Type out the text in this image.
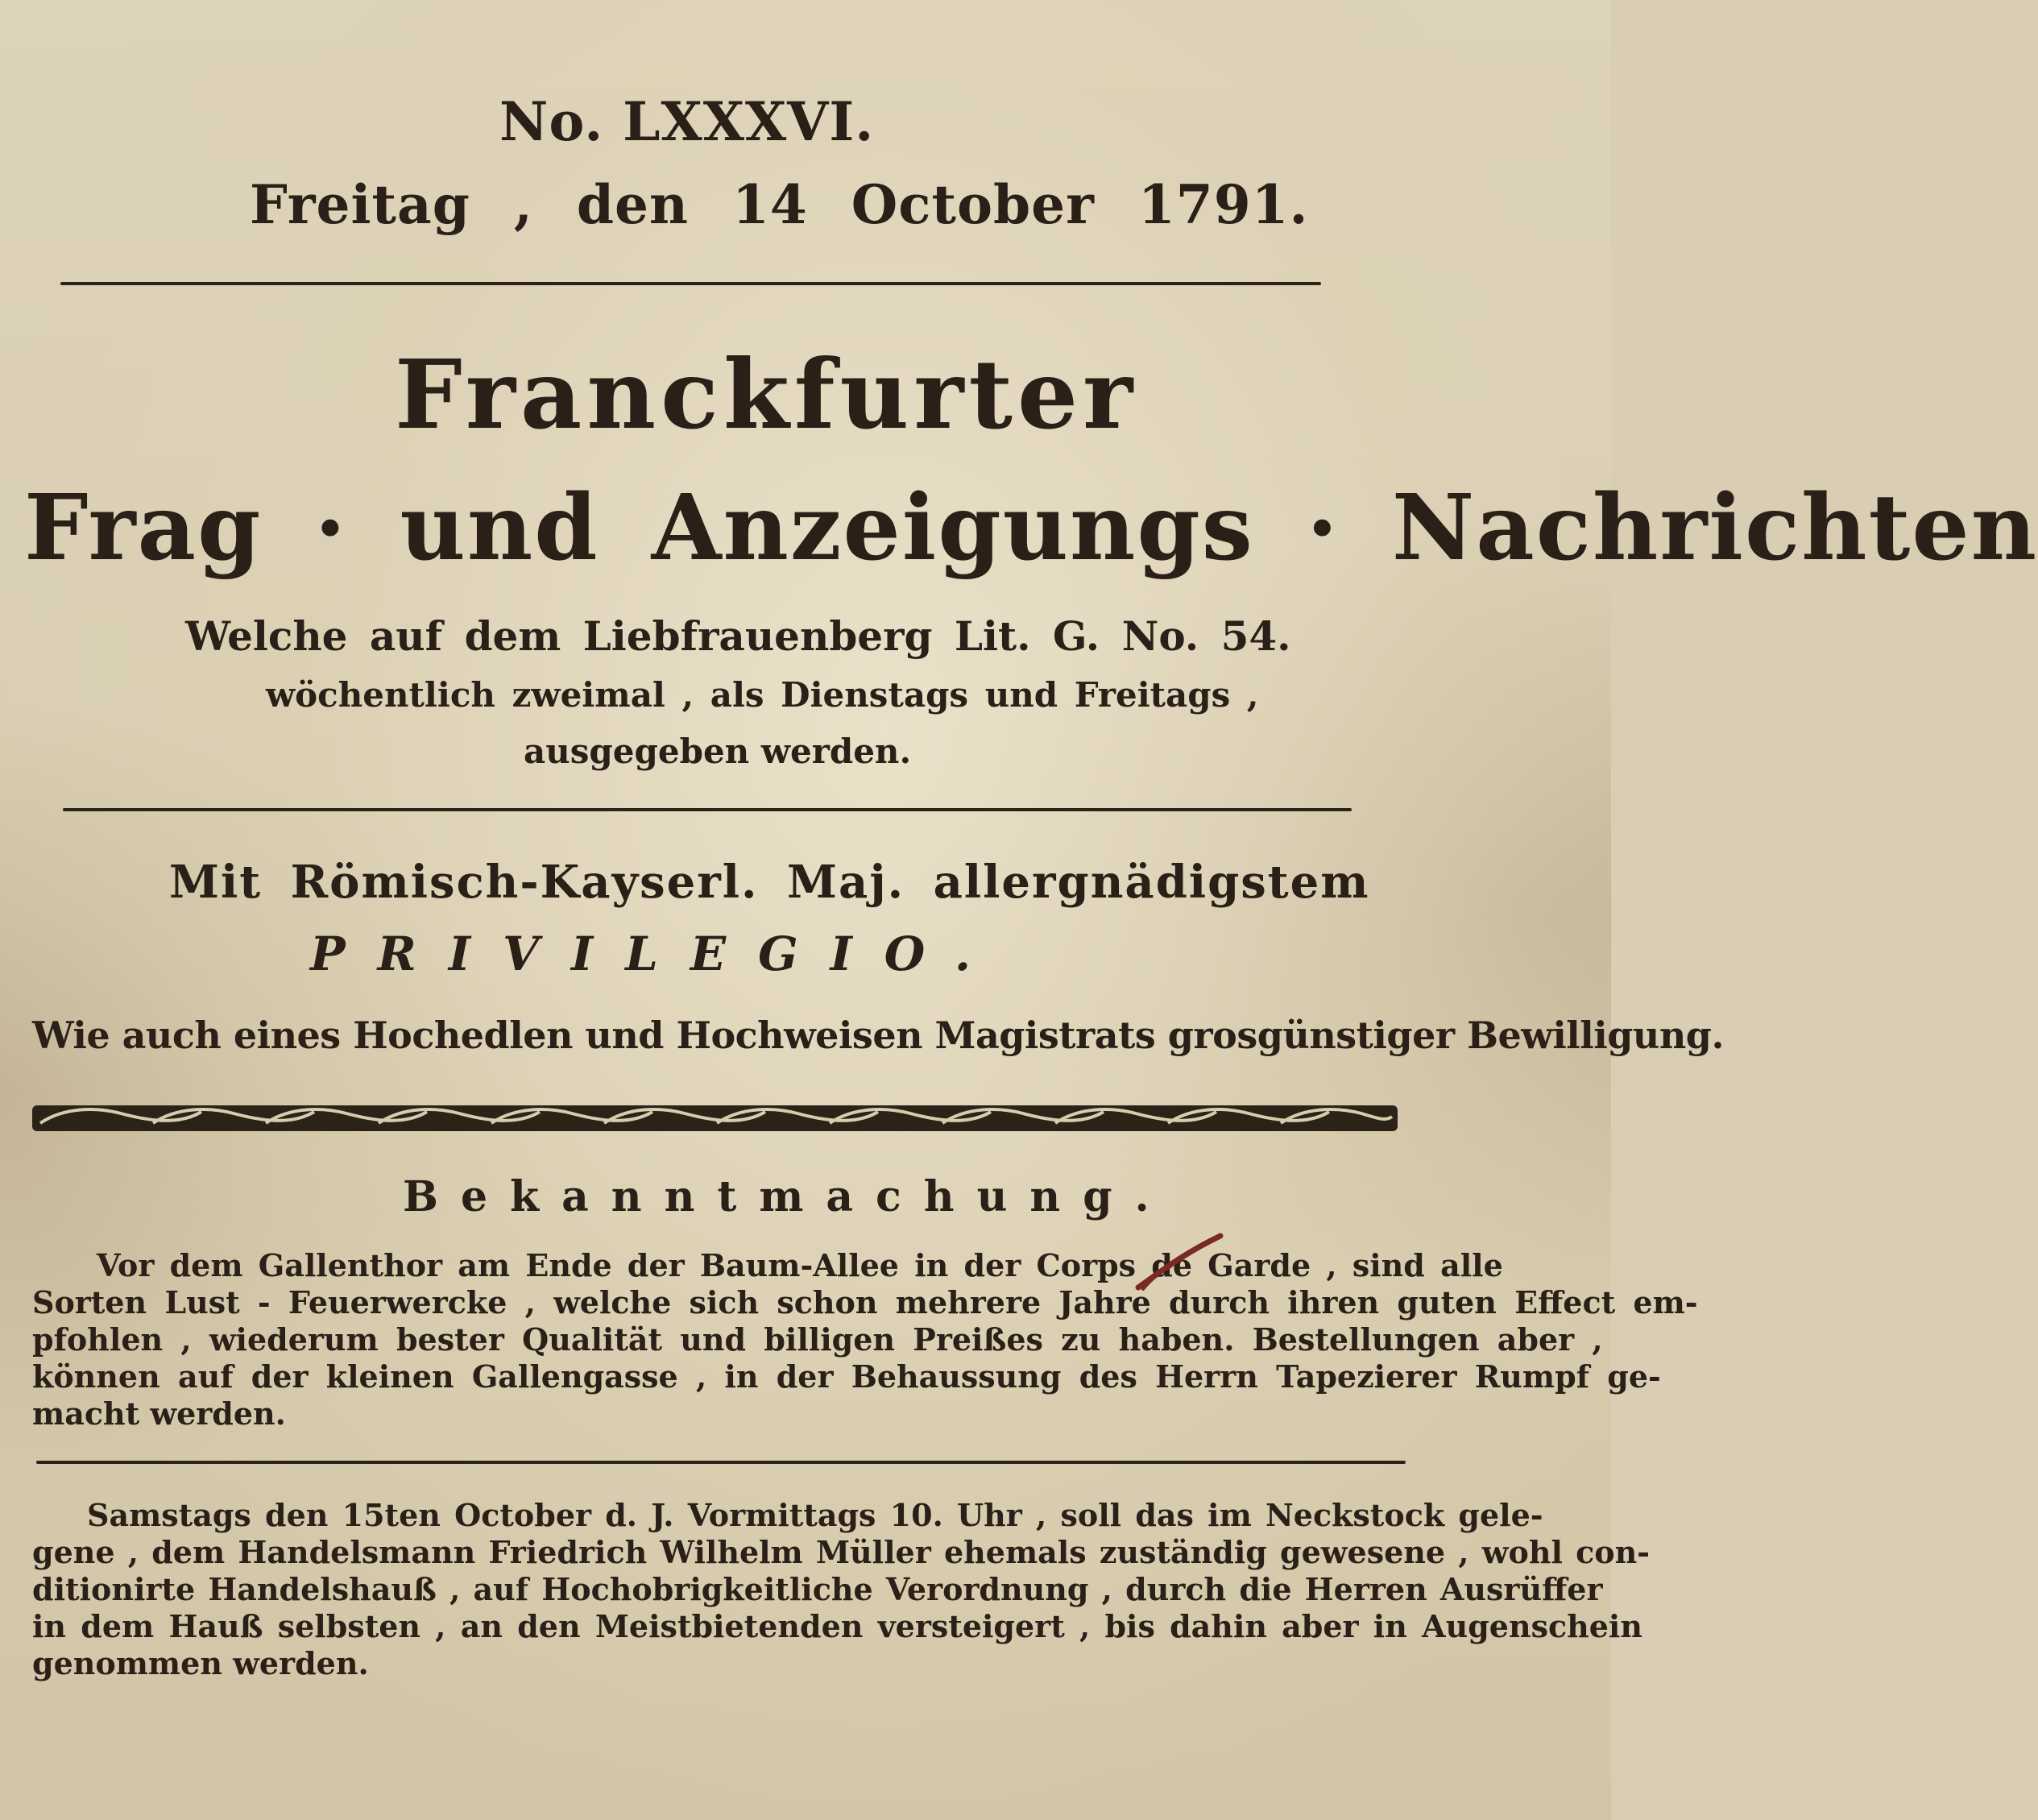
No. LXXXVI.
Freitag , den 14 October 1791.
Franckfurter
Frag · und Anzeigungs · Nachrichten
Welche auf dem Liebfrauenberg Lit. G. No. 54.
wöchentlich zweimal , als Dienstags und Freitags ,
ausgegeben werden.
Mit Römisch-Kayserl. Maj. allergnädigstem
PRIVILEGIO.
Wie auch eines Hochedlen und Hochweisen Magistrats grosgünstiger Bewilligung.
Bekanntmachung.
Vor dem Gallenthor am Ende der Baum-Allee in der Corps de Garde , sind alle
Sorten Lust - Feuerwercke , welche sich schon mehrere Jahre durch ihren guten Effect em-
pfohlen , wiederum bester Qualität und billigen Preißes zu haben. Bestellungen aber ,
können auf der kleinen Gallengasse , in der Behaussung des Herrn Tapezierer Rumpf ge-
macht werden.
Samstags den 15ten October d. J. Vormittags 10. Uhr , soll das im Neckstock gele-
gene , dem Handelsmann Friedrich Wilhelm Müller ehemals zuständig gewesene , wohl con-
ditionirte Handelshauß , auf Hochobrigkeitliche Verordnung , durch die Herren Ausrüffer
in dem Hauß selbsten , an den Meistbietenden versteigert , bis dahin aber in Augenschein
genommen werden.
